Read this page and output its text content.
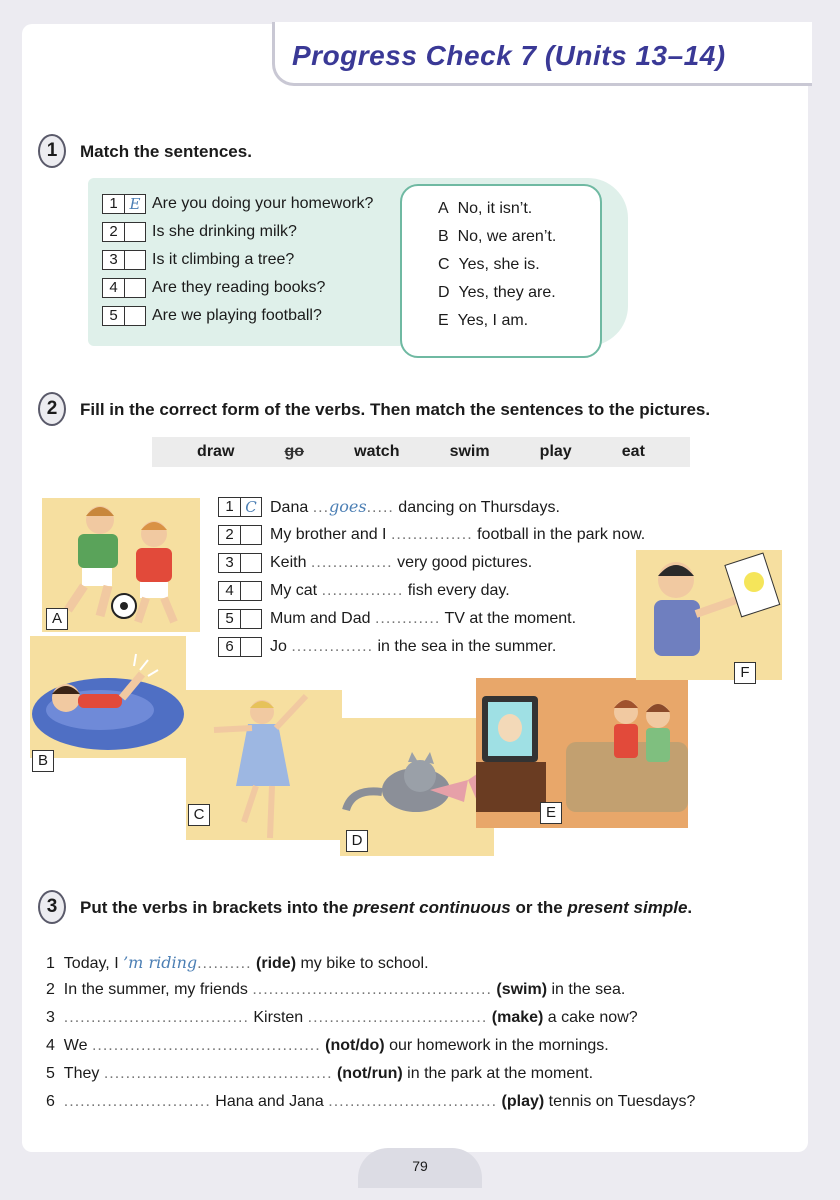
Progress Check 7 (Units 13–14)
1	Match the sentences.
1 E Are you doing your homework?
2	Is she drinking milk?
3	Is it climbing a tree?
4	Are they reading books?
5	Are we playing football?
A No, it isn’t.
B No, we aren’t.
C Yes, she is.
D Yes, they are.
E Yes, I am.
2	Fill in the correct form of the verbs. Then match the sentences to the pictures.
draw	go	watch	swim	play	eat
A
B
C
D
E
F
1 C Dana ...goes..... dancing on Thursdays.
2	My brother and I ............... football in the park now.
3	Keith ............... very good pictures.
4	My cat ............... fish every day.
5	Mum and Dad ............ TV at the moment.
6	Jo ............... in the sea in the summer.
3	Put the verbs in brackets into the present continuous or the present simple.
1 Today, I ’m riding.......... (ride) my bike to school.
2 In the summer, my friends ............................................ (swim) in the sea.
3 .................................. Kirsten ................................. (make) a cake now?
4 We .......................................... (not/do) our homework in the mornings.
5 They .......................................... (not/run) in the park at the moment.
6 ........................... Hana and Jana ............................... (play) tennis on Tuesdays?
79
